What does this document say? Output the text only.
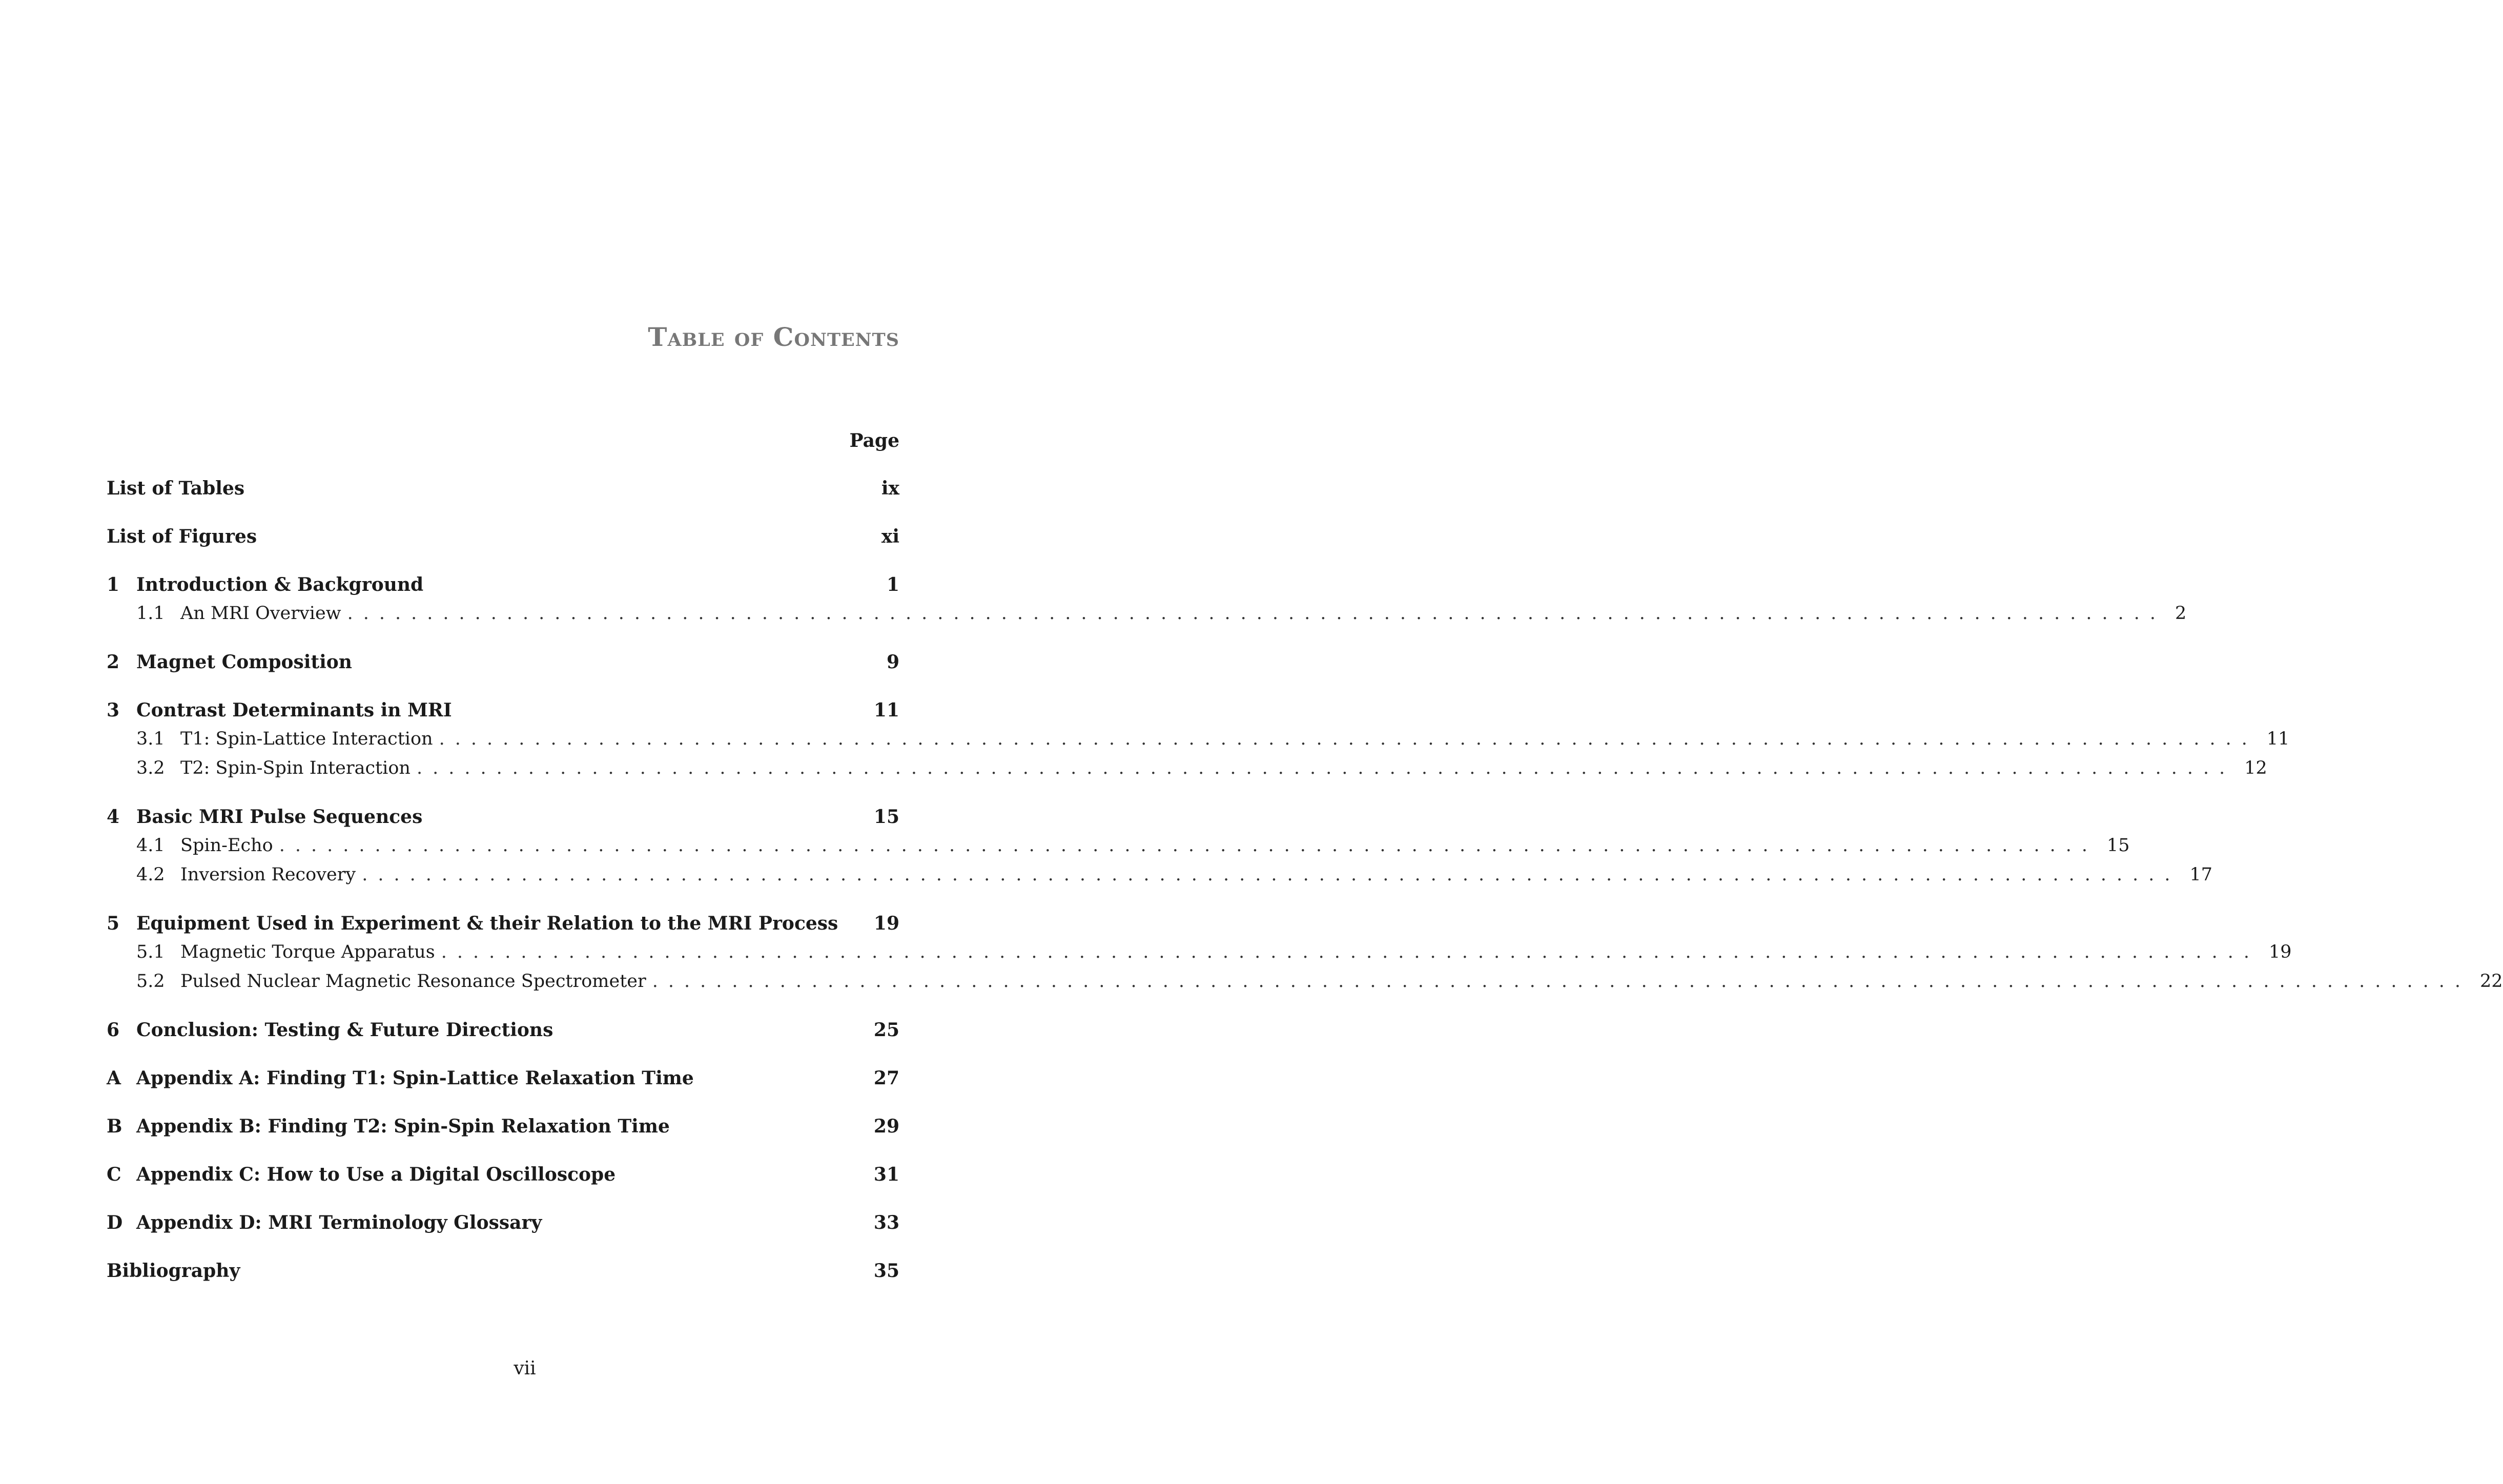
Table of Contents
Page
List of Tables	ix
List of Figures	xi
1 Introduction & Background	1
1.1 An MRI Overview .................................................................................................................. 2
2 Magnet Composition	9
3 Contrast Determinants in MRI	11
3.1 T1: Spin-Lattice Interaction .................................................................................................................. 11
3.2 T2: Spin-Spin Interaction .................................................................................................................. 12
4 Basic MRI Pulse Sequences	15
4.1 Spin-Echo .................................................................................................................. 15
4.2 Inversion Recovery .................................................................................................................. 17
5 Equipment Used in Experiment & their Relation to the MRI Process 19
5.1 Magnetic Torque Apparatus .................................................................................................................. 19
5.2 Pulsed Nuclear Magnetic Resonance Spectrometer .................................................................................................................. 22
6 Conclusion: Testing & Future Directions	25
A Appendix A: Finding T1: Spin-Lattice Relaxation Time	27
B Appendix B: Finding T2: Spin-Spin Relaxation Time	29
C Appendix C: How to Use a Digital Oscilloscope	31
D Appendix D: MRI Terminology Glossary	33
Bibliography	35
vii
